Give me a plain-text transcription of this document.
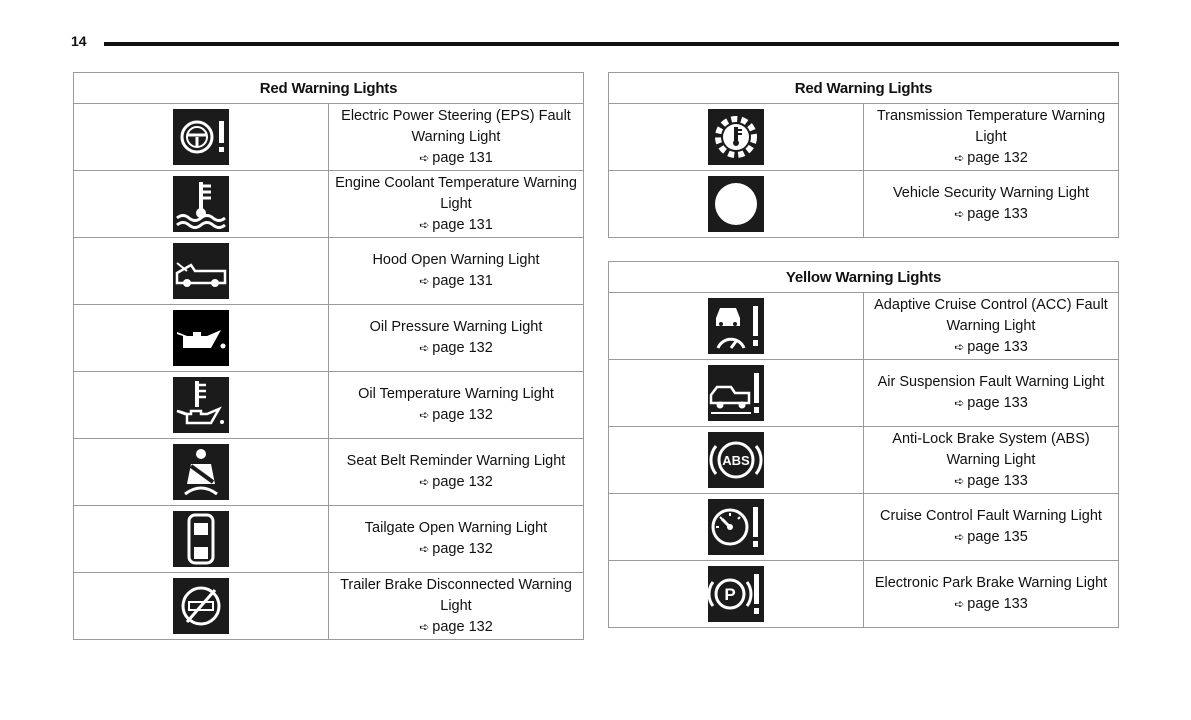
14
Red Warning Lights	

	Electric Power Steering (EPS) Fault Warning Light
➪ page 131

	Engine Coolant Temperature Warning Light
➪ page 131

	Hood Open Warning Light
➪ page 131

	Oil Pressure Warning Light
➪ page 132

	Oil Temperature Warning Light
➪ page 132

	Seat Belt Reminder Warning Light
➪ page 132

	Tailgate Open Warning Light
➪ page 132

	Trailer Brake Disconnected Warning Light
➪ page 132
Red Warning Lights	

	Transmission Temperature Warning Light
➪ page 132

	Vehicle Security Warning Light
➪ page 133
Yellow Warning Lights	

	Adaptive Cruise Control (ACC) Fault Warning Light
➪ page 133

	Air Suspension Fault Warning Light
➪ page 133

ABS	Anti-Lock Brake System (ABS) Warning Light
➪ page 133

	Cruise Control Fault Warning Light
➪ page 135

P	Electronic Park Brake Warning Light
➪ page 133
